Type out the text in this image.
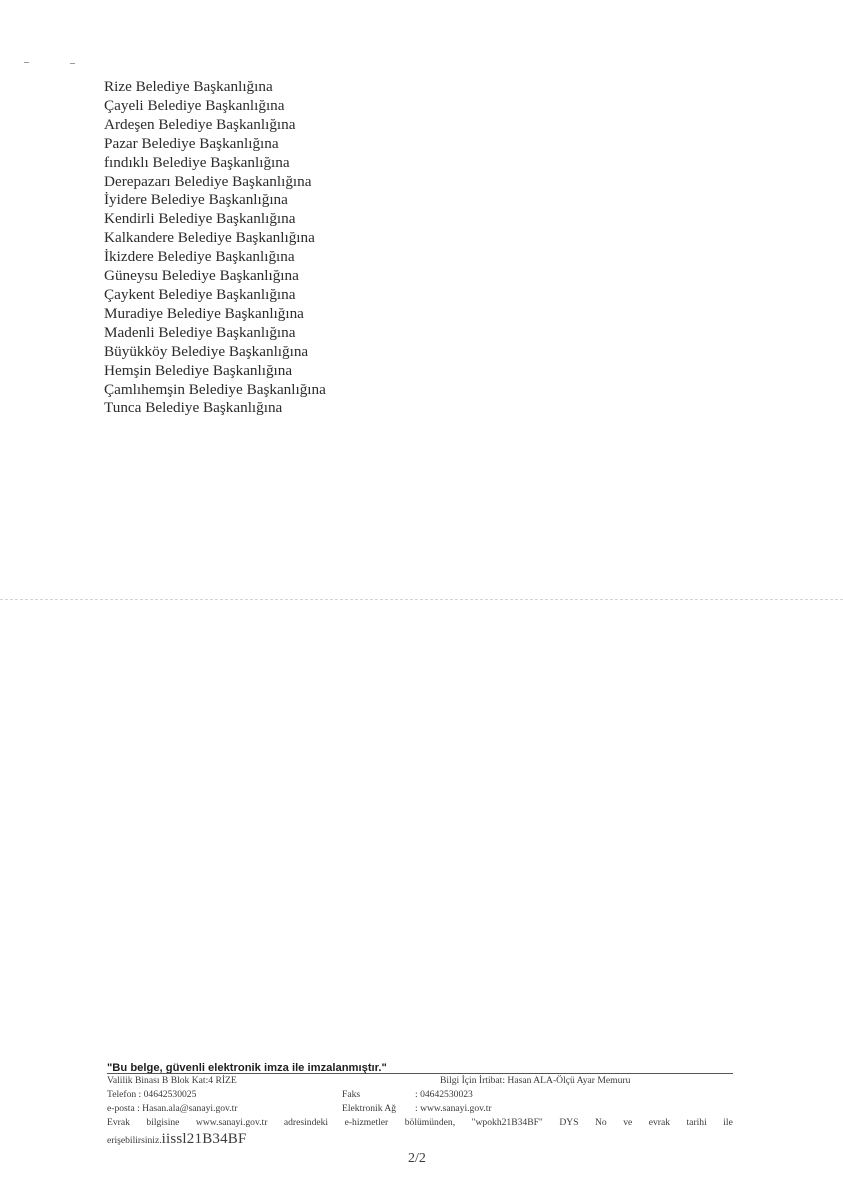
Rize Belediye Başkanlığına
Çayeli Belediye Başkanlığına
Ardeşen Belediye Başkanlığına
Pazar Belediye Başkanlığına
fındıklı Belediye Başkanlığına
Derepazarı Belediye Başkanlığına
İyidere Belediye Başkanlığına
Kendirli Belediye Başkanlığına
Kalkandere Belediye Başkanlığına
İkizdere Belediye Başkanlığına
Güneysu Belediye Başkanlığına
Çaykent Belediye Başkanlığına
Muradiye Belediye Başkanlığına
Madenli Belediye Başkanlığına
Büyükköy Belediye Başkanlığına
Hemşin Belediye Başkanlığına
Çamlıhemşin Belediye Başkanlığına
Tunca Belediye Başkanlığına
"Bu belge, güvenli elektronik imza ile imzalanmıştır."
Valilik Binası B Blok Kat:4 RİZE	Bilgi İçin İrtibat: Hasan ALA-Ölçü Ayar Memuru
Telefon : 04642530025	Faks	: 04642530023
e-posta : Hasan.ala@sanayi.gov.tr	Elektronik Ağ : www.sanayi.gov.tr
Evrak bilgisine www.sanayi.gov.tr adresindeki e-hizmetler bölümünden, "wpokh21B34BF" DYS No ve evrak tarihi ile
erişebilirsiniz.iissl21B34BF
2/2
